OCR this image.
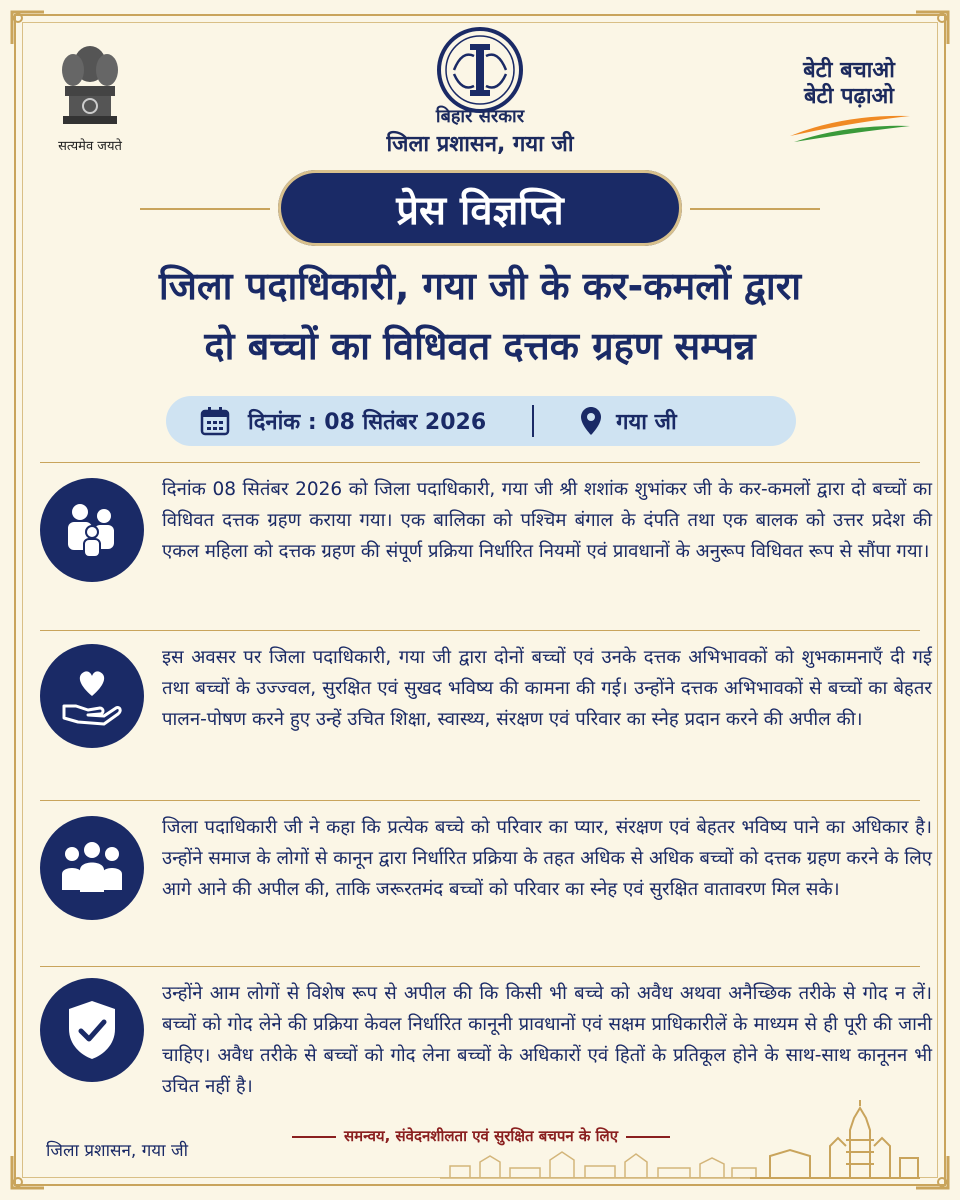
सत्यमेव जयते
बिहार सरकार
जिला प्रशासन, गया जी
बेटी बचाओ
बेटी पढ़ाओ
प्रेस विज्ञप्ति
जिला पदाधिकारी, गया जी के कर-कमलों द्वारा
दो बच्चों का विधिवत दत्तक ग्रहण सम्पन्न
दिनांक : 08 सितंबर 2026	गया जी
दिनांक 08 सितंबर 2026 को जिला पदाधिकारी, गया जी श्री शशांक शुभांकर जी के कर-कमलों द्वारा दो बच्चों का विधिवत दत्तक ग्रहण कराया गया। एक बालिका को पश्चिम बंगाल के दंपति तथा एक बालक को उत्तर प्रदेश की एकल महिला को दत्तक ग्रहण की संपूर्ण प्रक्रिया निर्धारित नियमों एवं प्रावधानों के अनुरूप विधिवत रूप से सौंपा गया।
इस अवसर पर जिला पदाधिकारी, गया जी द्वारा दोनों बच्चों एवं उनके दत्तक अभिभावकों को शुभकामनाएँ दी गई तथा बच्चों के उज्ज्वल, सुरक्षित एवं सुखद भविष्य की कामना की गई। उन्होंने दत्तक अभिभावकों से बच्चों का बेहतर पालन-पोषण करने हुए उन्हें उचित शिक्षा, स्वास्थ्य, संरक्षण एवं परिवार का स्नेह प्रदान करने की अपील की।
जिला पदाधिकारी जी ने कहा कि प्रत्येक बच्चे को परिवार का प्यार, संरक्षण एवं बेहतर भविष्य पाने का अधिकार है। उन्होंने समाज के लोगों से कानून द्वारा निर्धारित प्रक्रिया के तहत अधिक से अधिक बच्चों को दत्तक ग्रहण करने के लिए आगे आने की अपील की, ताकि जरूरतमंद बच्चों को परिवार का स्नेह एवं सुरक्षित वातावरण मिल सके।
उन्होंने आम लोगों से विशेष रूप से अपील की कि किसी भी बच्चे को अवैध अथवा अनैच्छिक तरीके से गोद न लें। बच्चों को गोद लेने की प्रक्रिया केवल निर्धारित कानूनी प्रावधानों एवं सक्षम प्राधिकारीलें के माध्यम से ही पूरी की जानी चाहिए। अवैध तरीके से बच्चों को गोद लेना बच्चों के अधिकारों एवं हितों के प्रतिकूल होने के साथ-साथ कानूनन भी उचित नहीं है।
जिला प्रशासन, गया जी
समन्वय, संवेदनशीलता एवं सुरक्षित बचपन के लिए
